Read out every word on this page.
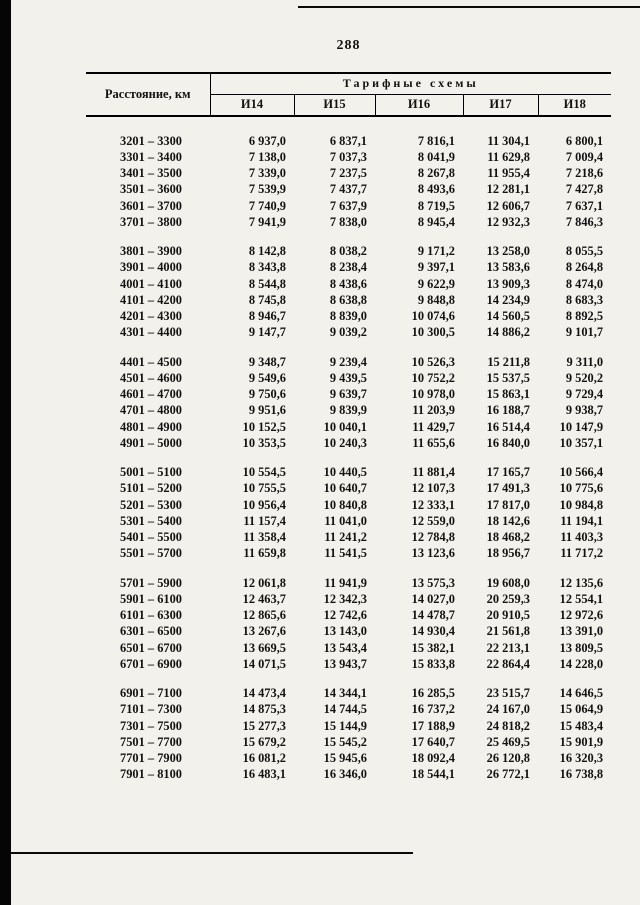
288
Расстояние, км	Тарифные схемы				
	И14	И15	И16	И17	И18

3201 – 3300	6 937,0	6 837,1	7 816,1	11 304,1	6 800,1
3301 – 3400	7 138,0	7 037,3	8 041,9	11 629,8	7 009,4
3401 – 3500	7 339,0	7 237,5	8 267,8	11 955,4	7 218,6
3501 – 3600	7 539,9	7 437,7	8 493,6	12 281,1	7 427,8
3601 – 3700	7 740,9	7 637,9	8 719,5	12 606,7	7 637,1
3701 – 3800	7 941,9	7 838,0	8 945,4	12 932,3	7 846,3

3801 – 3900	8 142,8	8 038,2	9 171,2	13 258,0	8 055,5
3901 – 4000	8 343,8	8 238,4	9 397,1	13 583,6	8 264,8
4001 – 4100	8 544,8	8 438,6	9 622,9	13 909,3	8 474,0
4101 – 4200	8 745,8	8 638,8	9 848,8	14 234,9	8 683,3
4201 – 4300	8 946,7	8 839,0	10 074,6	14 560,5	8 892,5
4301 – 4400	9 147,7	9 039,2	10 300,5	14 886,2	9 101,7

4401 – 4500	9 348,7	9 239,4	10 526,3	15 211,8	9 311,0
4501 – 4600	9 549,6	9 439,5	10 752,2	15 537,5	9 520,2
4601 – 4700	9 750,6	9 639,7	10 978,0	15 863,1	9 729,4
4701 – 4800	9 951,6	9 839,9	11 203,9	16 188,7	9 938,7
4801 – 4900	10 152,5	10 040,1	11 429,7	16 514,4	10 147,9
4901 – 5000	10 353,5	10 240,3	11 655,6	16 840,0	10 357,1

5001 – 5100	10 554,5	10 440,5	11 881,4	17 165,7	10 566,4
5101 – 5200	10 755,5	10 640,7	12 107,3	17 491,3	10 775,6
5201 – 5300	10 956,4	10 840,8	12 333,1	17 817,0	10 984,8
5301 – 5400	11 157,4	11 041,0	12 559,0	18 142,6	11 194,1
5401 – 5500	11 358,4	11 241,2	12 784,8	18 468,2	11 403,3
5501 – 5700	11 659,8	11 541,5	13 123,6	18 956,7	11 717,2

5701 – 5900	12 061,8	11 941,9	13 575,3	19 608,0	12 135,6
5901 – 6100	12 463,7	12 342,3	14 027,0	20 259,3	12 554,1
6101 – 6300	12 865,6	12 742,6	14 478,7	20 910,5	12 972,6
6301 – 6500	13 267,6	13 143,0	14 930,4	21 561,8	13 391,0
6501 – 6700	13 669,5	13 543,4	15 382,1	22 213,1	13 809,5
6701 – 6900	14 071,5	13 943,7	15 833,8	22 864,4	14 228,0

6901 – 7100	14 473,4	14 344,1	16 285,5	23 515,7	14 646,5
7101 – 7300	14 875,3	14 744,5	16 737,2	24 167,0	15 064,9
7301 – 7500	15 277,3	15 144,9	17 188,9	24 818,2	15 483,4
7501 – 7700	15 679,2	15 545,2	17 640,7	25 469,5	15 901,9
7701 – 7900	16 081,2	15 945,6	18 092,4	26 120,8	16 320,3
7901 – 8100	16 483,1	16 346,0	18 544,1	26 772,1	16 738,8
